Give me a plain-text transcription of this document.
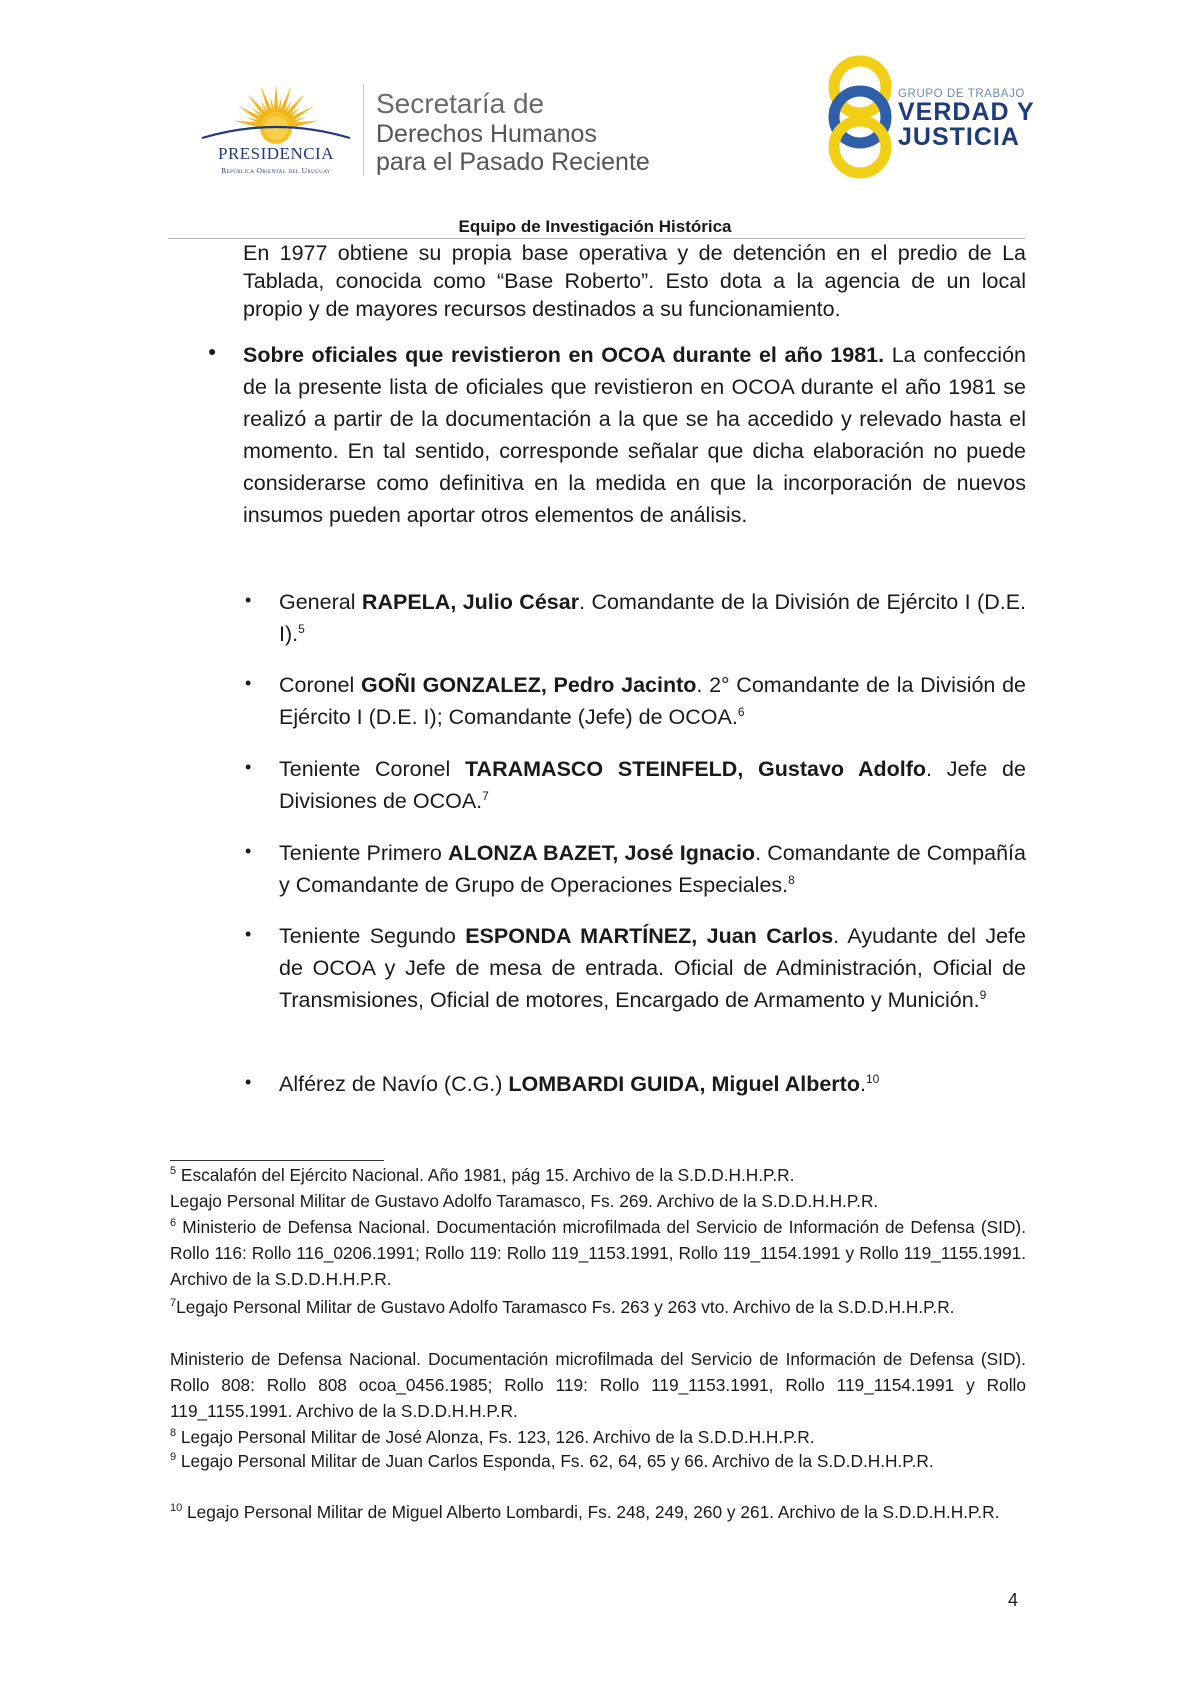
PRESIDENCIA
República Oriental del Uruguay
Secretaría de
Derechos Humanos
para el Pasado Reciente
GRUPO DE TRABAJO
VERDAD Y
JUSTICIA
Equipo de Investigación Histórica

En 1977 obtiene su propia base operativa y de detención en el predio de La Tablada, conocida como “Base Roberto”. Esto dota a la agencia de un local propio y de mayores recursos destinados a su funcionamiento.

● Sobre oficiales que revistieron en OCOA durante el año 1981. La confección de la presente lista de oficiales que revistieron en OCOA durante el año 1981 se realizó a partir de la documentación a la que se ha accedido y relevado hasta el momento. En tal sentido, corresponde señalar que dicha elaboración no puede considerarse como definitiva en la medida en que la incorporación de nuevos insumos pueden aportar otros elementos de análisis.

• General RAPELA, Julio César. Comandante de la División de Ejército I (D.E. I).$^5$

• Coronel GOÑI GONZALEZ, Pedro Jacinto. 2° Comandante de la División de Ejército I (D.E. I); Comandante (Jefe) de OCOA.$^6$

• Teniente Coronel TARAMASCO STEINFELD, Gustavo Adolfo. Jefe de Divisiones de OCOA.$^7$

• Teniente Primero ALONZA BAZET, José Ignacio. Comandante de Compañía y Comandante de Grupo de Operaciones Especiales.$^8$

• Teniente Segundo ESPONDA MARTÍNEZ, Juan Carlos. Ayudante del Jefe de OCOA y Jefe de mesa de entrada. Oficial de Administración, Oficial de Transmisiones, Oficial de motores, Encargado de Armamento y Munición.$^9$

• Alférez de Navío (C.G.) LOMBARDI GUIDA, Miguel Alberto.$^{10}$

$^5$ Escalafón del Ejército Nacional. Año 1981, pág 15. Archivo de la S.D.D.H.H.P.R.

Legajo Personal Militar de Gustavo Adolfo Taramasco, Fs. 269. Archivo de la S.D.D.H.H.P.R.

$^6$ Ministerio de Defensa Nacional. Documentación microfilmada del Servicio de Información de Defensa (SID). Rollo 116: Rollo 116_0206.1991; Rollo 119: Rollo 119_1153.1991, Rollo 119_1154.1991 y Rollo 119_1155.1991. Archivo de la S.D.D.H.H.P.R.

$^7$Legajo Personal Militar de Gustavo Adolfo Taramasco Fs. 263 y 263 vto. Archivo de la S.D.D.H.H.P.R.

Ministerio de Defensa Nacional. Documentación microfilmada del Servicio de Información de Defensa (SID). Rollo 808: Rollo 808 ocoa_0456.1985; Rollo 119: Rollo 119_1153.1991, Rollo 119_1154.1991 y Rollo 119_1155.1991. Archivo de la S.D.D.H.H.P.R.

$^8$ Legajo Personal Militar de José Alonza, Fs. 123, 126. Archivo de la S.D.D.H.H.P.R.

$^9$ Legajo Personal Militar de Juan Carlos Esponda, Fs. 62, 64, 65 y 66. Archivo de la S.D.D.H.H.P.R.

$^{10}$ Legajo Personal Militar de Miguel Alberto Lombardi, Fs. 248, 249, 260 y 261. Archivo de la S.D.D.H.H.P.R.

4
